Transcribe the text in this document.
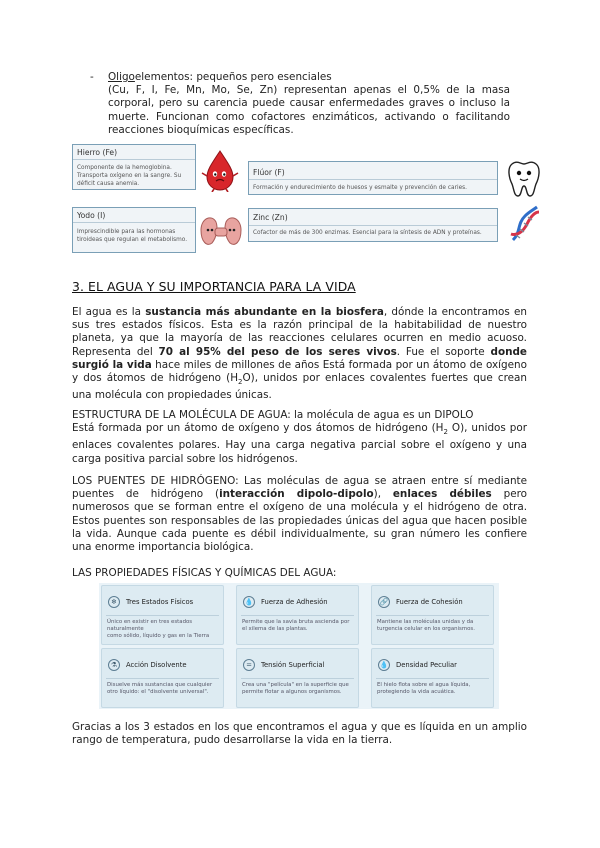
-	Oligoelementos: pequeños pero esenciales
(Cu, F, I, Fe, Mn, Mo, Se, Zn) representan apenas el 0,5% de la masa corporal, pero su carencia puede causar enfermedades graves o incluso la muerte. Funcionan como cofactores enzimáticos, activando o facilitando reacciones bioquímicas específicas.
Hierro (Fe)
Componente de la hemoglobina.
Transporta oxígeno en la sangre. Su
déficit causa anemia.
Flúor (F)
Formación y endurecimiento de huesos y esmalte y prevención de caries.
Yodo (I)
Imprescindible para las hormonas
tiroideas que regulan el metabolismo.
Zinc (Zn)
Cofactor de más de 300 enzimas. Esencial para la síntesis de ADN y proteínas.
3. EL AGUA Y SU IMPORTANCIA PARA LA VIDA
El agua es la sustancia más abundante en la biosfera, dónde la encontramos en sus tres estados físicos. Esta es la razón principal de la habitabilidad de nuestro planeta, ya que la mayoría de las reacciones celulares ocurren en medio acuoso. Representa del 70 al 95% del peso de los seres vivos. Fue el soporte donde surgió la vida hace miles de millones de años Está formada por un átomo de oxígeno y dos átomos de hidrógeno $(H_2O)$, unidos por enlaces covalentes fuertes que crean una molécula con propiedades únicas.
ESTRUCTURA DE LA MOLÉCULA DE AGUA: la molécula de agua es un DIPOLO
Está formada por un átomo de oxígeno y dos átomos de hidrógeno ($H_2$ O), unidos por enlaces covalentes polares. Hay una carga negativa parcial sobre el oxígeno y una carga positiva parcial sobre los hidrógenos.
LOS PUENTES DE HIDRÓGENO: Las moléculas de agua se atraen entre sí mediante puentes de hidrógeno (interacción dipolo-dipolo), enlaces débiles pero numerosos que se forman entre el oxígeno de una molécula y el hidrógeno de otra. Estos puentes son responsables de las propiedades únicas del agua que hacen posible la vida. Aunque cada puente es débil individualmente, su gran número les confiere una enorme importancia biológica.
LAS PROPIEDADES FÍSICAS Y QUÍMICAS DEL AGUA:
❄	Tres Estados Físicos
Único en existir en tres estados naturalmente
como sólido, líquido y gas en la Tierra
💧 Fuerza de Adhesión
Permite que la savia bruta ascienda por
el xilema de las plantas.
🔗 Fuerza de Cohesión
Mantiene las moléculas unidas y da
turgencia celular en los organismos.
⚗	Acción Disolvente
Disuelve más sustancias que cualquier
otro líquido: el "disolvente universal".
=	Tensión Superficial
Crea una "película" en la superficie que
permite flotar a algunos organismos.
💧 Densidad Peculiar
El hielo flota sobre el agua líquida,
protegiendo la vida acuática.
Gracias a los 3 estados en los que encontramos el agua y que es líquida en un amplio rango de temperatura, pudo desarrollarse la vida en la tierra.
